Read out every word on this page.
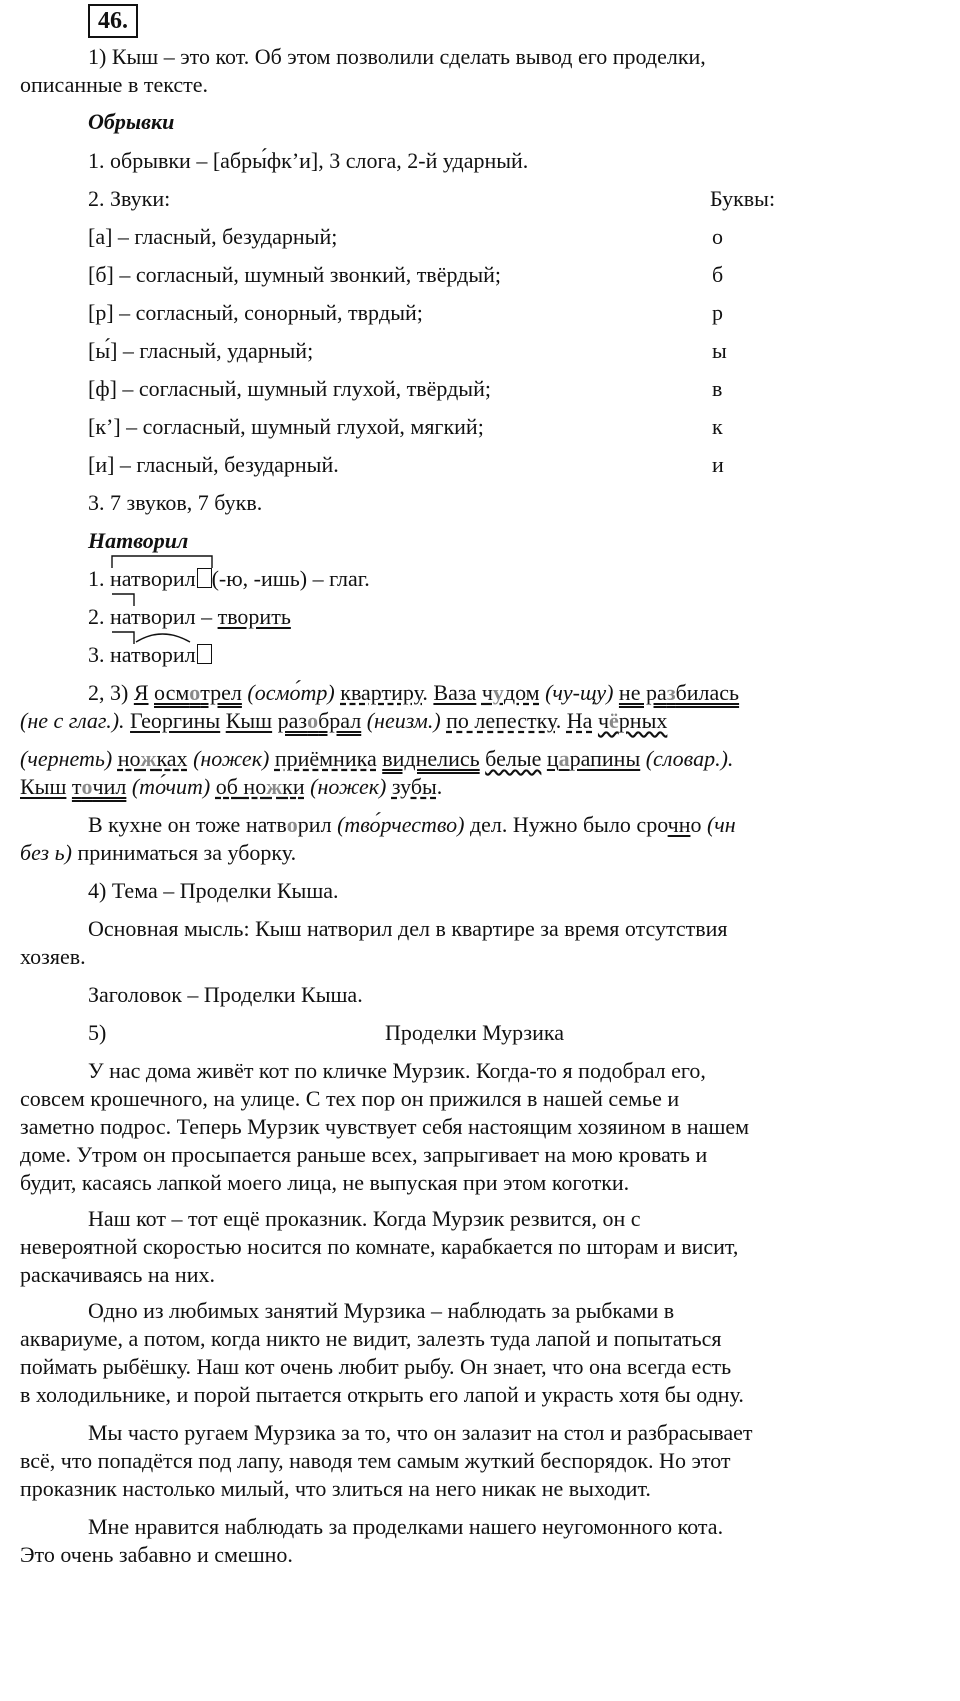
46.
1) Кыш – это кот. Об этом позволили сделать вывод его проделки,
описанные в тексте.
Обрывки
1. обрывки – [абры́фк’и], 3 слога, 2-й ударный.
2. Звуки:	Буквы:
[а] – гласный, безударный;	о
[б] – согласный, шумный звонкий, твёрдый;	б
[р] – согласный, сонорный, твpдый;	р
[ы́] – гласный, ударный;	ы
[ф] – согласный, шумный глухой, твёрдый;	в
[к’] – согласный, шумный глухой, мягкий;	к
[и] – гласный, безударный.	и
3. 7 звуков, 7 букв.
Натворил
1.
натворил (-ю, -ишь) – глаг.
2.
натворил – творить
3.
натворил
2, 3) Я осмотрел (осмо́тр) квартиру. Ваза чудом (чу-щу) не разбилась
(не с глаг.). Георгины Кыш разобрал (неизм.) по лепестку. На чёрных
(чернеть) ножках (ножек) приёмника виднелись белые царапины (словар.).
Кыш точил (то́чит) об ножки (ножек) зубы.
В кухне он тоже натворил (тво́рчество) дел. Нужно было срочно (чн
без ь) приниматься за уборку.
4) Тема – Проделки Кыша.
Основная мысль: Кыш натворил дел в квартире за время отсутствия
хозяев.
Заголовок – Проделки Кыша.
5)	Проделки Мурзика
У нас дома живёт кот по кличке Мурзик. Когда-то я подобрал его,
совсем крошечного, на улице. С тех пор он прижился в нашей семье и
заметно подрос. Теперь Мурзик чувствует себя настоящим хозяином в нашем
доме. Утром он просыпается раньше всех, запрыгивает на мою кровать и
будит, касаясь лапкой моего лица, не выпуская при этом коготки.
Наш кот – тот ещё проказник. Когда Мурзик резвится, он с
невероятной скоростью носится по комнате, карабкается по шторам и висит,
раскачиваясь на них.
Одно из любимых занятий Мурзика – наблюдать за рыбками в
аквариуме, а потом, когда никто не видит, залезть туда лапой и попытаться
поймать рыбёшку. Наш кот очень любит рыбу. Он знает, что она всегда есть
в холодильнике, и порой пытается открыть его лапой и украсть хотя бы одну.
Мы часто ругаем Мурзика за то, что он залазит на стол и разбрасывает
всё, что попадётся под лапу, наводя тем самым жуткий беспорядок. Но этот
проказник настолько милый, что злиться на него никак не выходит.
Мне нравится наблюдать за проделками нашего неугомонного кота.
Это очень забавно и смешно.
